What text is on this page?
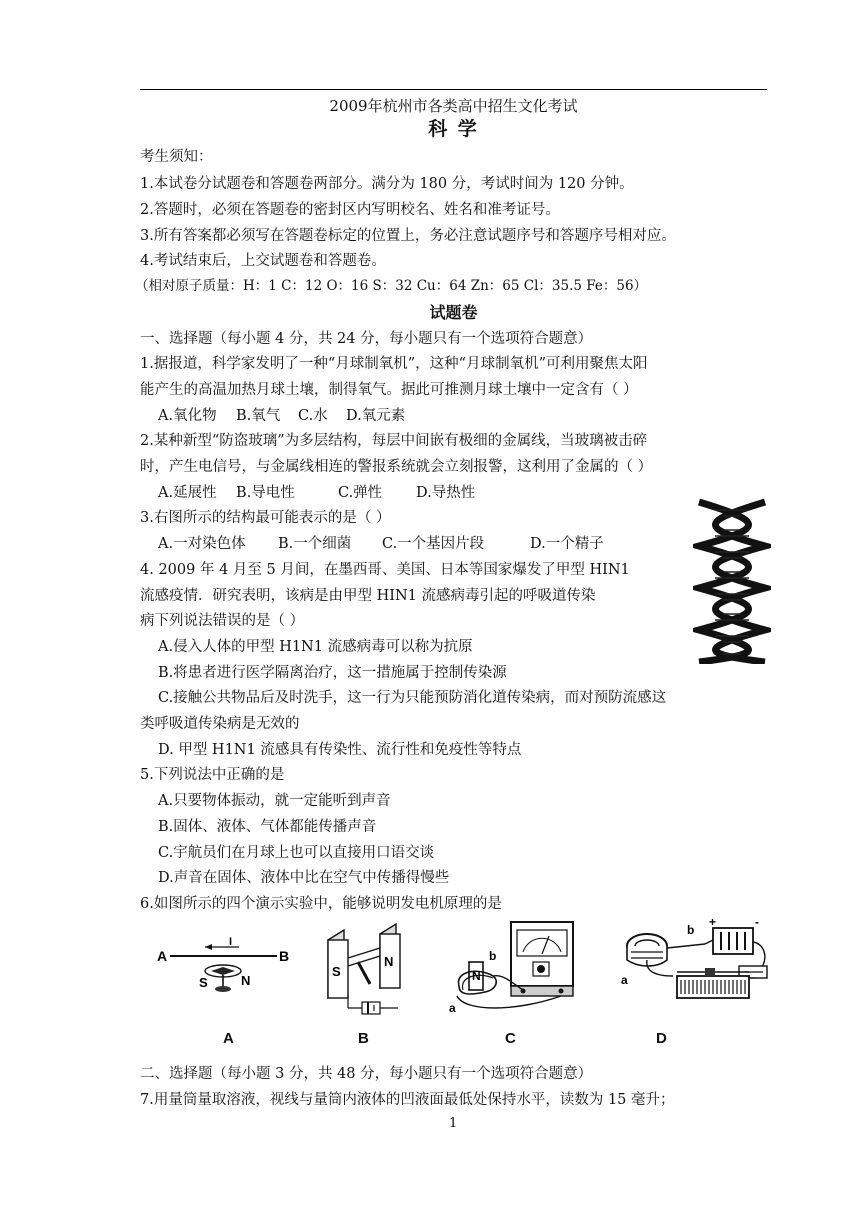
2009年杭州市各类高中招生文化考试
科 学
考生须知：
1.本试卷分试题卷和答题卷两部分。满分为 180 分，考试时间为 120 分钟。
2.答题时，必须在答题卷的密封区内写明校名、姓名和准考证号。
3.所有答案都必须写在答题卷标定的位置上，务必注意试题序号和答题序号相对应。
4.考试结束后，上交试题卷和答题卷。
（相对原子质量：H：1 C：12 O：16 S：32 Cu：64 Zn：65 Cl：35.5 Fe：56）
试题卷
一、选择题（每小题 4 分，共 24 分，每小题只有一个选项符合题意）
1.据报道，科学家发明了一种“月球制氧机”，这种“月球制氧机”可利用聚焦太阳
能产生的高温加热月球土壤，制得氧气。据此可推测月球土壤中一定含有（ ）
A.氧化物 B.氧气 C.水 D.氧元素
2.某种新型“防盗玻璃”为多层结构，每层中间嵌有极细的金属线，当玻璃被击碎
时，产生电信号，与金属线相连的警报系统就会立刻报警，这利用了金属的（ ）
A.延展性 B.导电性	C.弹性 D.导热性
3.右图所示的结构最可能表示的是（ ）
A.一对染色体 B.一个细菌 C.一个基因片段	D.一个精子
4. 2009 年 4 月至 5 月间，在墨西哥、美国、日本等国家爆发了甲型 HIN1
流感疫情．研究表明，该病是由甲型 HIN1 流感病毒引起的呼吸道传染
病下列说法错误的是（ ）
A.侵入人体的甲型 H1N1 流感病毒可以称为抗原
B.将患者进行医学隔离治疗，这一措施属于控制传染源
C.接触公共物品后及时洗手，这一行为只能预防消化道传染病，而对预防流感这
类呼吸道传染病是无效的
D. 甲型 H1N1 流感具有传染性、流行性和免疫性等特点
5.下列说法中正确的是
A.只要物体振动，就一定能听到声音
B.固体、液体、气体都能传播声音
C.宇航员们在月球上也可以直接用口语交谈
D.声音在固体、液体中比在空气中传播得慢些
6.如图所示的四个演示实验中，能够说明发电机原理的是
A	B
I
S	N
S
N
N
b
a
b
+	-
a
A	B	C	D
二、选择题（每小题 3 分，共 48 分，每小题只有一个选项符合题意）
7.用量筒量取溶液，视线与量筒内液体的凹液面最低处保持水平，读数为 15 毫升；
1
